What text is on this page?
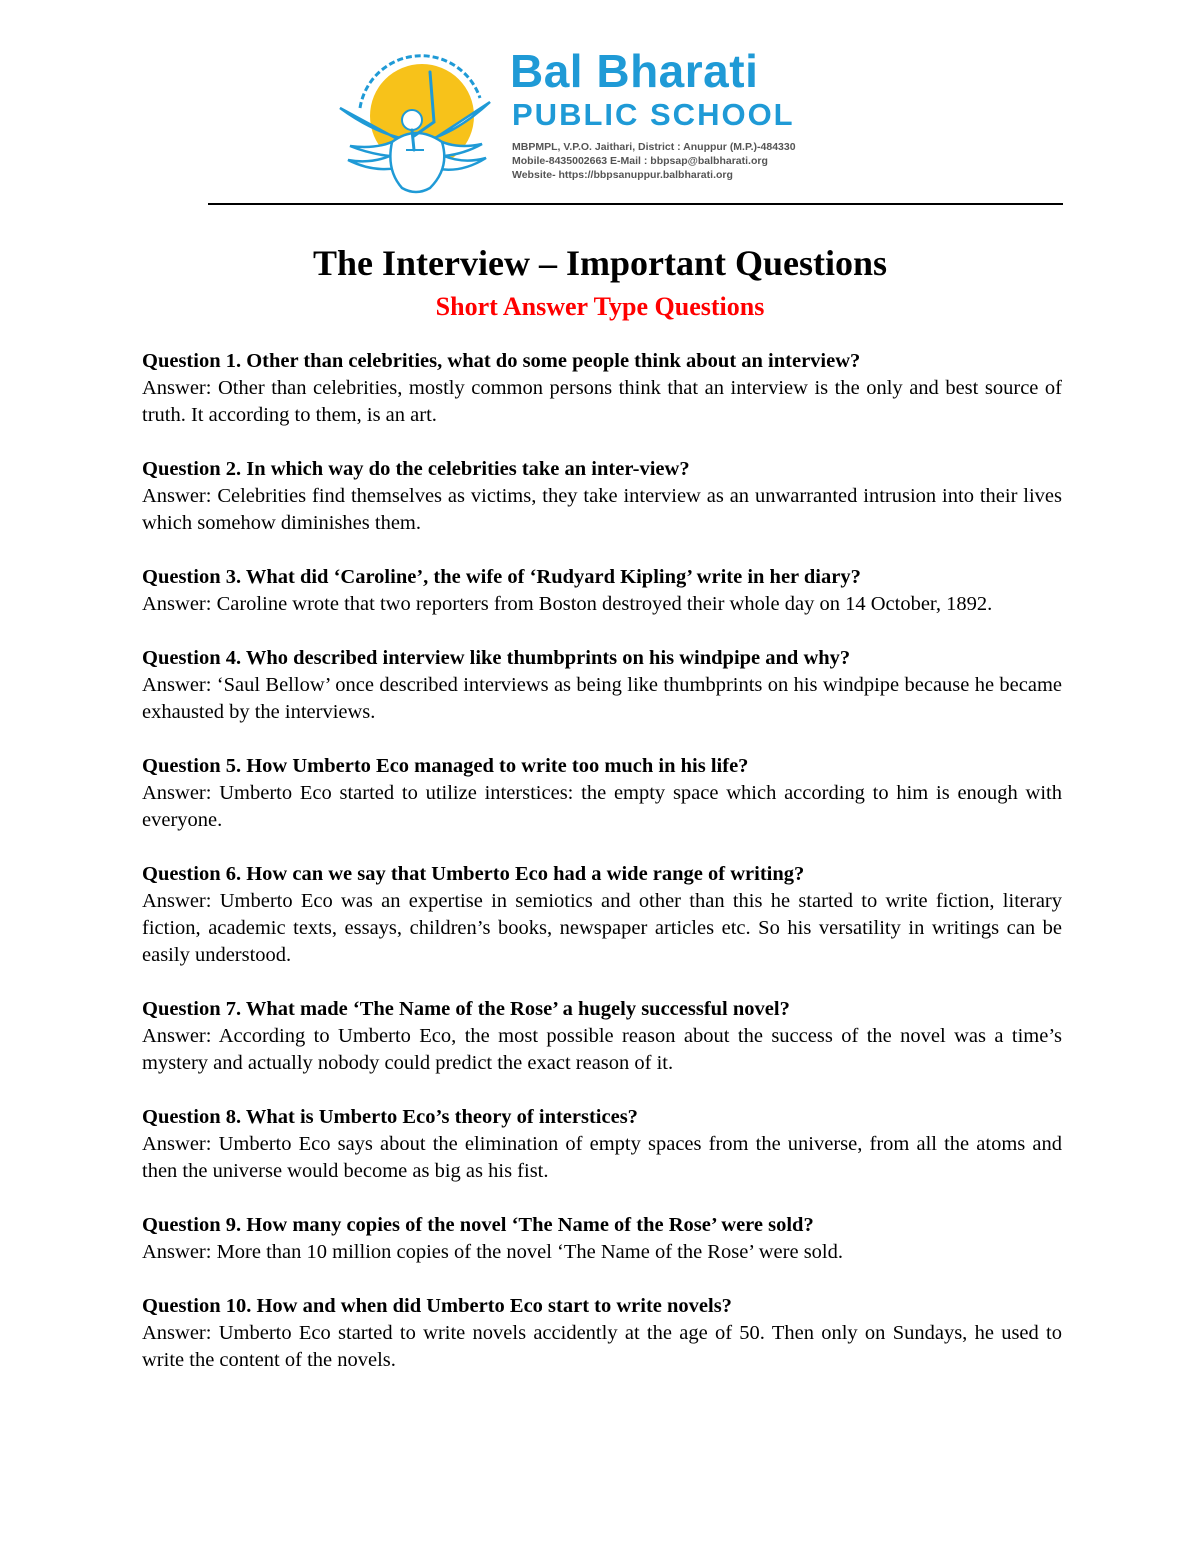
Bal Bharati
PUBLIC SCHOOL
MBPMPL, V.P.O. Jaithari, District : Anuppur (M.P.)-484330
Mobile-8435002663 E-Mail : bbpsap@balbharati.org
Website- https://bbpsanuppur.balbharati.org
The Interview – Important Questions
Short Answer Type Questions

Question 1. Other than celebrities, what do some people think about an interview?

Answer: Other than celebrities, mostly common persons think that an interview is the only and best source of truth. It according to them, is an art.

Question 2. In which way do the celebrities take an inter-view?

Answer: Celebrities find themselves as victims, they take interview as an unwarranted intrusion into their lives which somehow diminishes them.

Question 3. What did ‘Caroline’, the wife of ‘Rudyard Kipling’ write in her diary?

Answer: Caroline wrote that two reporters from Boston destroyed their whole day on 14 October, 1892.

Question 4. Who described interview like thumbprints on his windpipe and why?

Answer: ‘Saul Bellow’ once described interviews as being like thumbprints on his windpipe because he became exhausted by the interviews.

Question 5. How Umberto Eco managed to write too much in his life?

Answer: Umberto Eco started to utilize interstices: the empty space which according to him is enough with everyone.

Question 6. How can we say that Umberto Eco had a wide range of writing?

Answer: Umberto Eco was an expertise in semiotics and other than this he started to write fiction, literary fiction, academic texts, essays, children’s books, newspaper articles etc. So his versatility in writings can be easily understood.

Question 7. What made ‘The Name of the Rose’ a hugely successful novel?

Answer: According to Umberto Eco, the most possible reason about the success of the novel was a time’s mystery and actually nobody could predict the exact reason of it.

Question 8. What is Umberto Eco’s theory of interstices?

Answer: Umberto Eco says about the elimination of empty spaces from the universe, from all the atoms and then the universe would become as big as his fist.

Question 9. How many copies of the novel ‘The Name of the Rose’ were sold?

Answer: More than 10 million copies of the novel ‘The Name of the Rose’ were sold.

Question 10. How and when did Umberto Eco start to write novels?

Answer: Umberto Eco started to write novels accidently at the age of 50. Then only on Sundays, he used to write the content of the novels.
